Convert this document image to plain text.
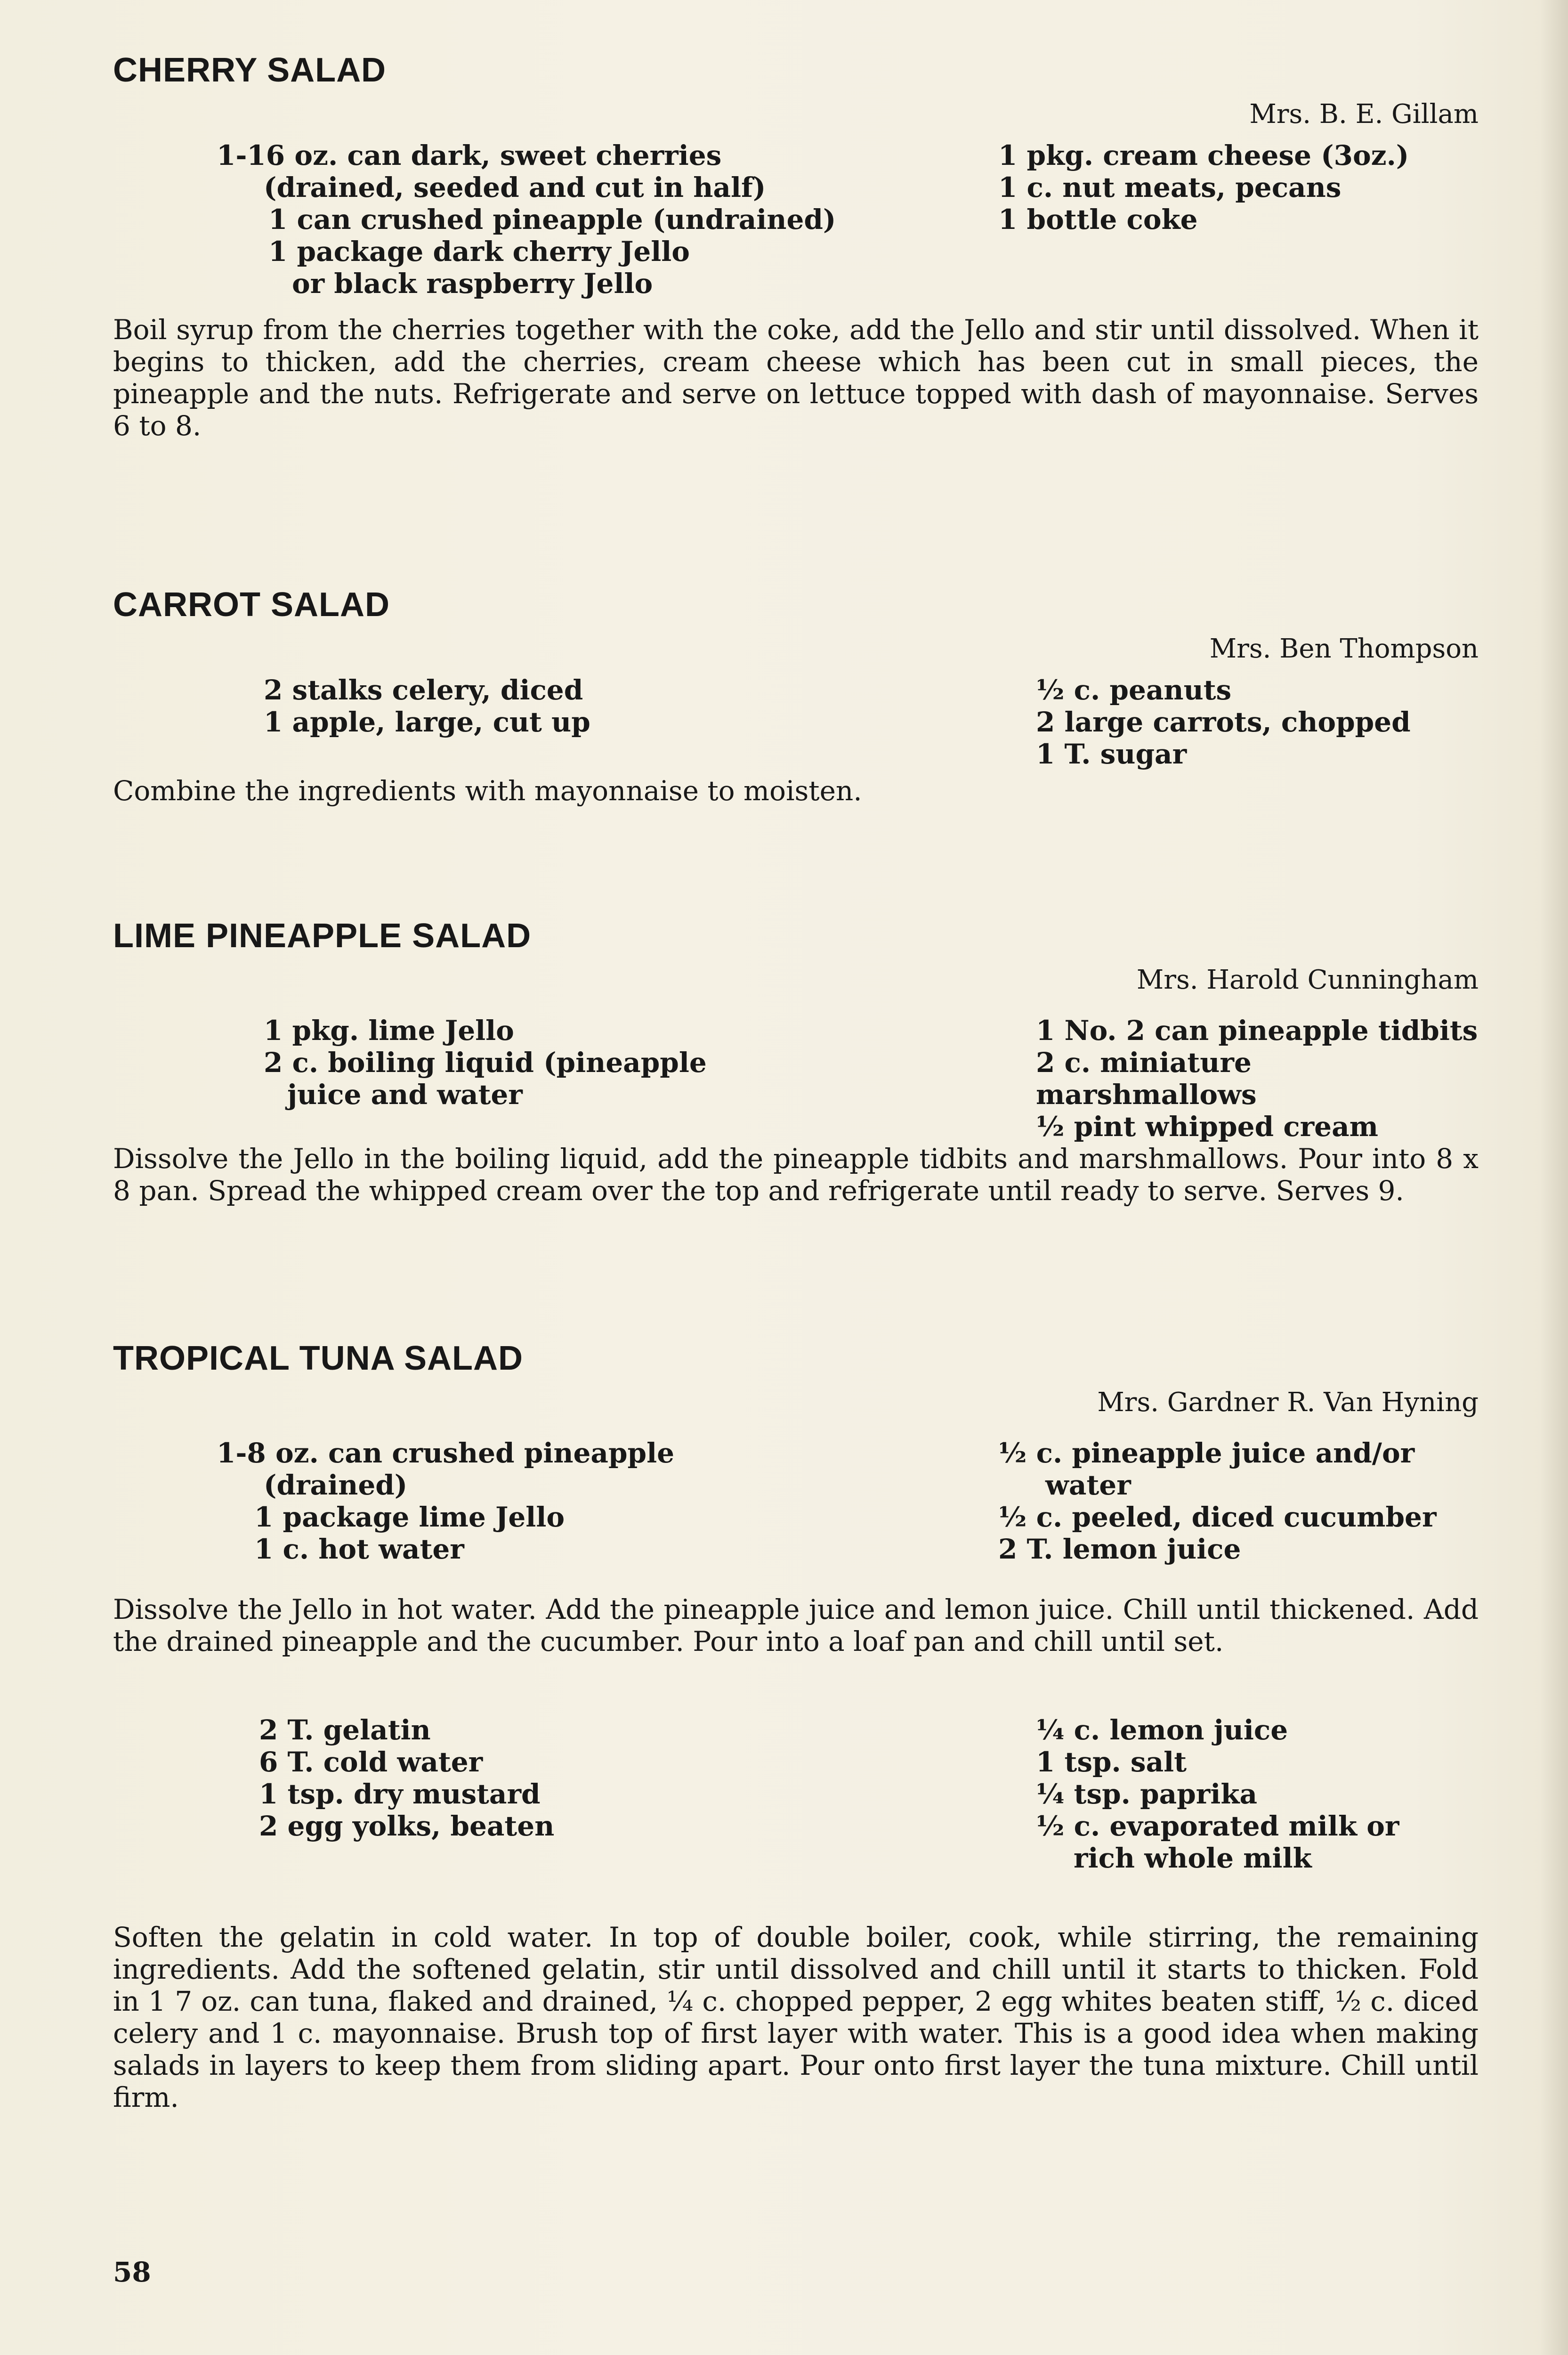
CHERRY SALAD
Mrs. B. E. Gillam
1-16 oz. can dark, sweet cherries
(drained, seeded and cut in half)
1 can crushed pineapple (undrained)
1 package dark cherry Jello
or black raspberry Jello
1 pkg. cream cheese (3oz.)
1 c. nut meats, pecans
1 bottle coke

Boil syrup from the cherries together with the coke, add the Jello and stir until dissolved. When it begins to thicken, add the cherries, cream cheese which has been cut in small pieces, the pineapple and the nuts. Refrigerate and serve on lettuce topped with dash of mayonnaise. Serves 6 to 8.

CARROT SALAD
Mrs. Ben Thompson
2 stalks celery, diced
1 apple, large, cut up
½ c. peanuts
2 large carrots, chopped
1 T. sugar

Combine the ingredients with mayonnaise to moisten.

LIME PINEAPPLE SALAD
Mrs. Harold Cunningham
1 pkg. lime Jello
2 c. boiling liquid (pineapple
juice and water
1 No. 2 can pineapple tidbits
2 c. miniature marshmallows
½ pint whipped cream

Dissolve the Jello in the boiling liquid, add the pineapple tidbits and marshmallows. Pour into 8 x 8 pan. Spread the whipped cream over the top and refrigerate until ready to serve. Serves 9.

TROPICAL TUNA SALAD
Mrs. Gardner R. Van Hyning
1-8 oz. can crushed pineapple
(drained)
1 package lime Jello
1 c. hot water
½ c. pineapple juice and/or
water
½ c. peeled, diced cucumber
2 T. lemon juice

Dissolve the Jello in hot water. Add the pineapple juice and lemon juice. Chill until thickened. Add the drained pineapple and the cucumber. Pour into a loaf pan and chill until set.

2 T. gelatin
6 T. cold water
1 tsp. dry mustard
2 egg yolks, beaten
¼ c. lemon juice
1 tsp. salt
¼ tsp. paprika
½ c. evaporated milk or
rich whole milk

Soften the gelatin in cold water. In top of double boiler, cook, while stirring, the remaining ingredients. Add the softened gelatin, stir until dissolved and chill until it starts to thicken. Fold in 1 7 oz. can tuna, flaked and drained, ¼ c. chopped pepper, 2 egg whites beaten stiff, ½ c. diced celery and 1 c. mayonnaise. Brush top of first layer with water. This is a good idea when making salads in layers to keep them from sliding apart. Pour onto first layer the tuna mixture. Chill until firm.

58
